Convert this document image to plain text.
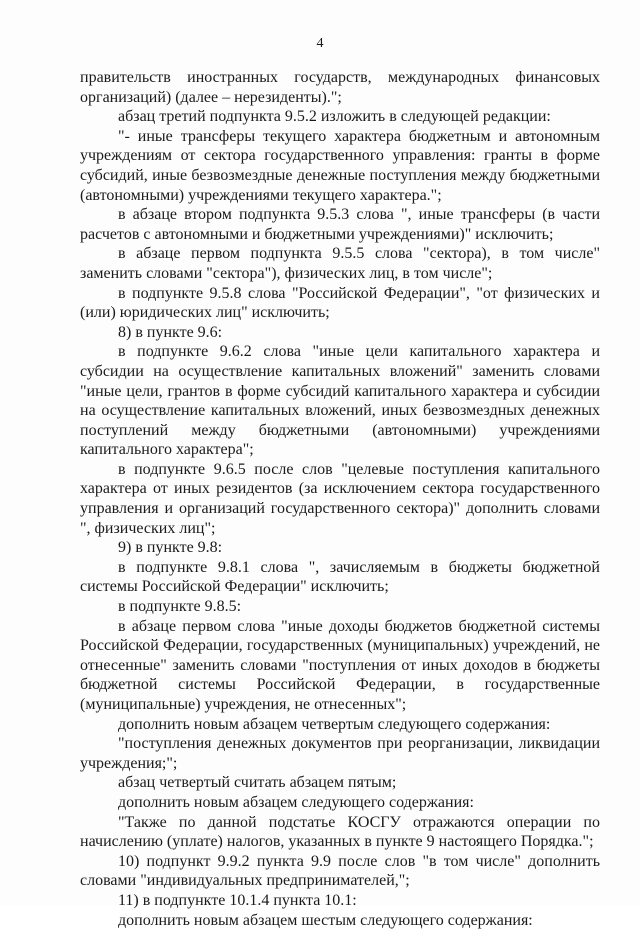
4

правительств иностранных государств, международных финансовых организаций) (далее – нерезиденты).";

абзац третий подпункта 9.5.2 изложить в следующей редакции:

"- иные трансферы текущего характера бюджетным и автономным учреждениям от сектора государственного управления: гранты в форме субсидий, иные безвозмездные денежные поступления между бюджетными (автономными) учреждениями текущего характера.";

в абзаце втором подпункта 9.5.3 слова ", иные трансферы (в части расчетов с автономными и бюджетными учреждениями)" исключить;

в абзаце первом подпункта 9.5.5 слова "сектора), в том числе" заменить словами "сектора"), физических лиц, в том числе";

в подпункте 9.5.8 слова "Российской Федерации", "от физических и (или) юридических лиц" исключить;

8) в пункте 9.6:

в подпункте 9.6.2 слова "иные цели капитального характера и субсидии на осуществление капитальных вложений" заменить словами "иные цели, грантов в форме субсидий капитального характера и субсидии на осуществление капитальных вложений, иных безвозмездных денежных поступлений между бюджетными (автономными) учреждениями капитального характера";

в подпункте 9.6.5 после слов "целевые поступления капитального характера от иных резидентов (за исключением сектора государственного управления и организаций государственного сектора)" дополнить словами ", физических лиц";

9) в пункте 9.8:

в подпункте 9.8.1 слова ", зачисляемым в бюджеты бюджетной системы Российской Федерации" исключить;

в подпункте 9.8.5:

в абзаце первом слова "иные доходы бюджетов бюджетной системы Российской Федерации, государственных (муниципальных) учреждений, не отнесенные" заменить словами "поступления от иных доходов в бюджеты бюджетной системы Российской Федерации, в государственные (муниципальные) учреждения, не отнесенных";

дополнить новым абзацем четвертым следующего содержания:

"поступления денежных документов при реорганизации, ликвидации учреждения;";

абзац четвертый считать абзацем пятым;

дополнить новым абзацем следующего содержания:

"Также по данной подстатье КОСГУ отражаются операции по начислению (уплате) налогов, указанных в пункте 9 настоящего Порядка.";

10) подпункт 9.9.2 пункта 9.9 после слов "в том числе" дополнить словами "индивидуальных предпринимателей,";

11) в подпункте 10.1.4 пункта 10.1:

дополнить новым абзацем шестым следующего содержания:
